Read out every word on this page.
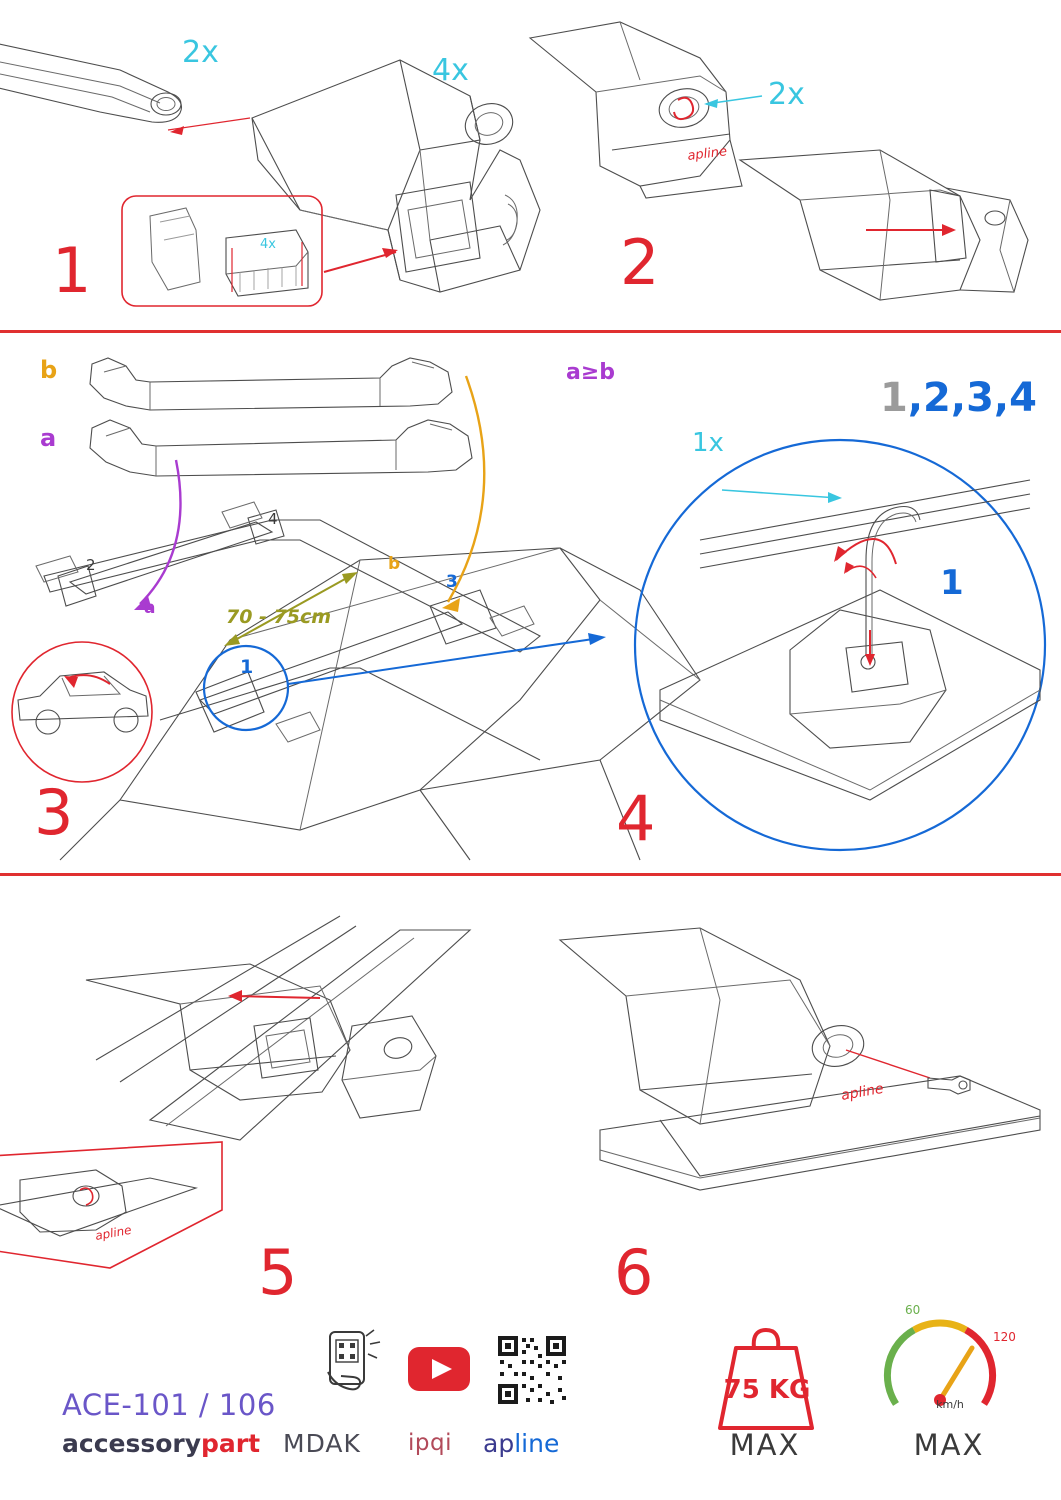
apline
apline
apline
2x
4x
4x
1
2x
2
b
a
a≥b
70 - 75cm
1
2
3
4
a
b
3
1x
1,2,3,4
1
4
5	6
ACE-101 / 106
accessorypart MDAK ipqi apline
75 KG
MAX
60
120
km/h
MAX
